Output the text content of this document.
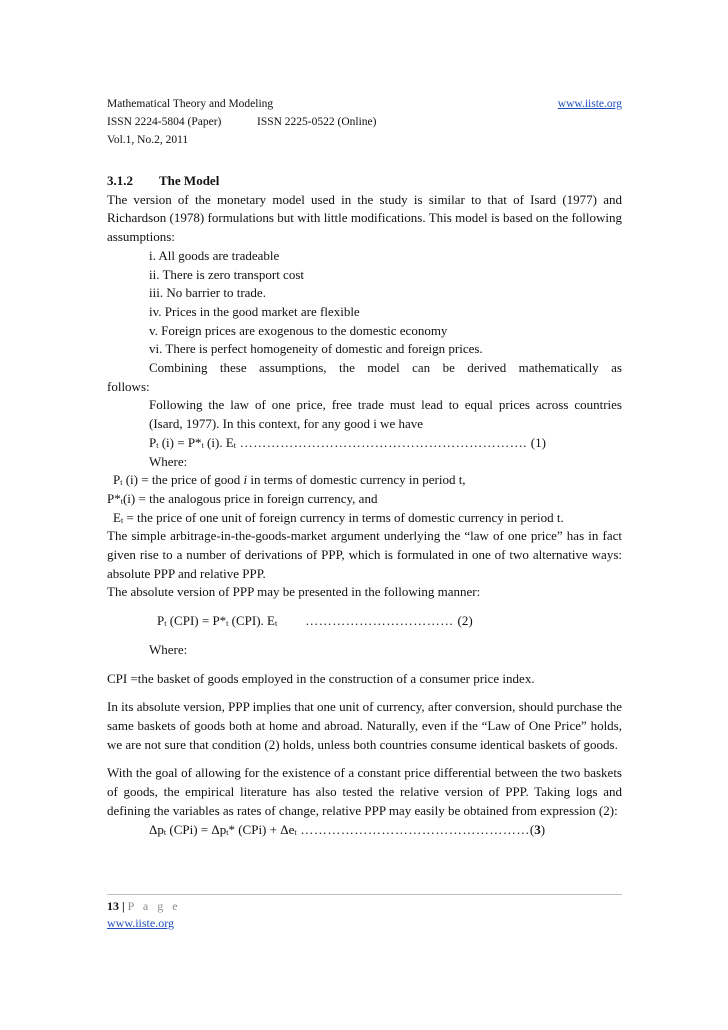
Mathematical Theory and Modeling	www.iiste.org
ISSN 2224-5804 (Paper)	ISSN 2225-0522 (Online)
Vol.1, No.2, 2011
3.1.2 The Model

The version of the monetary model used in the study is similar to that of Isard (1977) and Richardson (1978) formulations but with little modifications. This model is based on the following assumptions:

i. All goods are tradeable
ii. There is zero transport cost
iii. No barrier to trade.
iv. Prices in the good market are flexible
v. Foreign prices are exogenous to the domestic economy
vi. There is perfect homogeneity of domestic and foreign prices.
Combining these assumptions, the model can be derived mathematically as
follows:
Following the law of one price, free trade must lead to equal prices across countries
(Isard, 1977). In this context, for any good i we have
$P_t$ $(i) = P*_t$ (i). $E_t$ ………………………………………………………. (1)
Where:
$P_t$ (i) = the price of good i in terms of domestic currency in period t,
$P*_t(i)$ = the analogous price in foreign currency, and
$E_t$ = the price of one unit of foreign currency in terms of domestic currency in period t.

The simple arbitrage-in-the-goods-market argument underlying the “law of one price” has in fact given rise to a number of derivations of PPP, which is formulated in one of two alternative ways: absolute PPP and relative PPP.

The absolute version of PPP may be presented in the following manner:

$P_t$ $(CPI) = P*_t$ (CPI). $E_t$ …………………………… (2)
Where:

CPI =the basket of goods employed in the construction of a consumer price index.

In its absolute version, PPP implies that one unit of currency, after conversion, should purchase the same baskets of goods both at home and abroad. Naturally, even if the “Law of One Price” holds, we are not sure that condition (2) holds, unless both countries consume identical baskets of goods.

With the goal of allowing for the existence of a constant price differential between the two baskets of goods, the empirical literature has also tested the relative version of PPP. Taking logs and defining the variables as rates of change, relative PPP may easily be obtained from expression (2):

$\Delta p_t$ $(CPi) = \Delta p_t*$ $(CPi) + \Delta e_t$ ……………………………………………(3)
13 | P a g e
www.iiste.org
